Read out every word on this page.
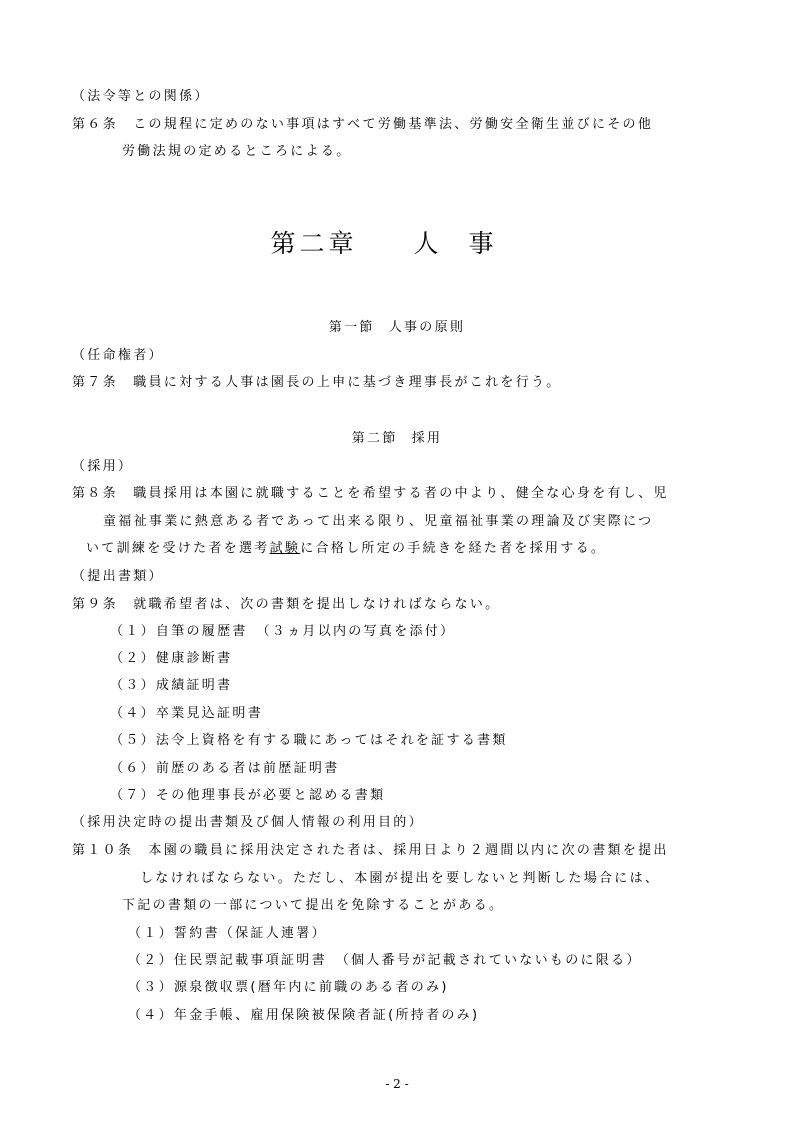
（法令等との関係）
第６条　この規程に定めのない事項はすべて労働基準法、労働安全衛生並びにその他
労働法規の定めるところによる。
第二章 人事
第一節 人事の原則
（任命権者）
第７条　職員に対する人事は園長の上申に基づき理事長がこれを行う。
第二節 採用
（採用）
第８条　職員採用は本園に就職することを希望する者の中より、健全な心身を有し、児
童福祉事業に熱意ある者であって出来る限り、児童福祉事業の理論及び実際につ
いて訓練を受けた者を選考試験に合格し所定の手続きを経た者を採用する。
（提出書類）
第９条　就職希望者は、次の書類を提出しなければならない。
（１）自筆の履歴書　（３ヵ月以内の写真を添付）
（２）健康診断書
（３）成績証明書
（４）卒業見込証明書
（５）法令上資格を有する職にあってはそれを証する書類
（６）前歴のある者は前歴証明書
（７）その他理事長が必要と認める書類
（採用決定時の提出書類及び個人情報の利用目的）
第１０条　本園の職員に採用決定された者は、採用日より２週間以内に次の書類を提出
しなければならない。ただし、本園が提出を要しないと判断した場合には、
下記の書類の一部について提出を免除することがある。
（１）誓約書（保証人連署）
（２）住民票記載事項証明書　（個人番号が記載されていないものに限る）
（３）源泉徴収票(暦年内に前職のある者のみ)
（４）年金手帳、雇用保険被保険者証(所持者のみ)
- 2 -
